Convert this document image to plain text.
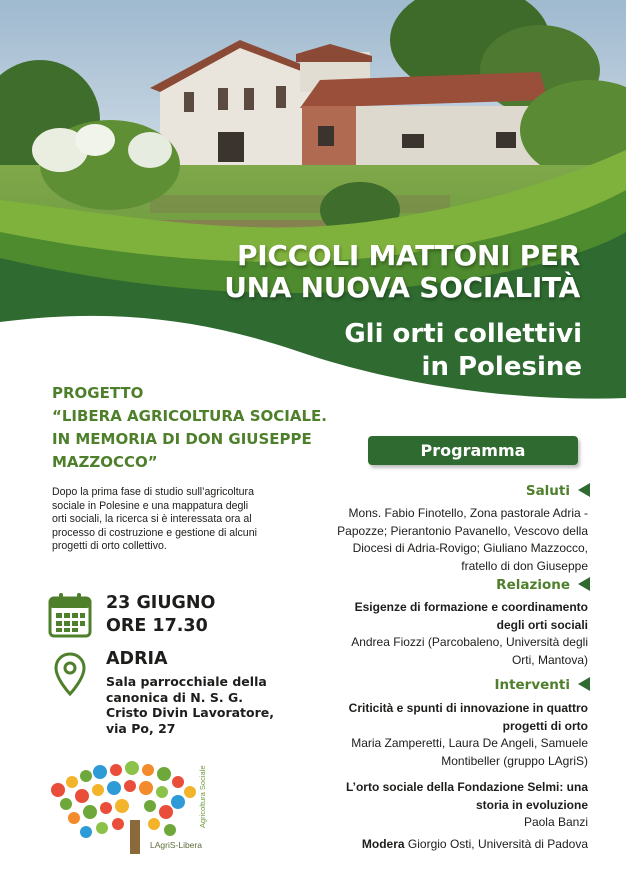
PICCOLI MATTONI PER
UNA NUOVA SOCIALITÀ
Gli orti collettivi
in Polesine
PROGETTO
“LIBERA AGRICOLTURA SOCIALE.
IN MEMORIA DI DON GIUSEPPE
MAZZOCCO”
Dopo la prima fase di studio sull’agricoltura
sociale in Polesine e una mappatura degli
orti sociali, la ricerca si è interessata ora al
processo di costruzione e gestione di alcuni
progetti di orto collettivo.
23 GIUGNO
ORE 17.30
ADRIA
Sala parrocchiale della
canonica di N. S. G.
Cristo Divin Lavoratore,
via Po, 27
Agricoltura Sociale
LAgriS-Libera
Programma
Saluti
Mons. Fabio Finotello, Zona pastorale Adria -
Papozze; Pierantonio Pavanello, Vescovo della
Diocesi di Adria-Rovigo; Giuliano Mazzocco,
fratello di don Giuseppe
Relazione
Esigenze di formazione e coordinamento
degli orti sociali
Andrea Fiozzi (Parcobaleno, Università degli
Orti, Mantova)
Interventi
Criticità e spunti di innovazione in quattro
progetti di orto
Maria Zamperetti, Laura De Angeli, Samuele
Montibeller (gruppo LAgriS)
L’orto sociale della Fondazione Selmi: una
storia in evoluzione
Paola Banzi
Modera Giorgio Osti, Università di Padova
